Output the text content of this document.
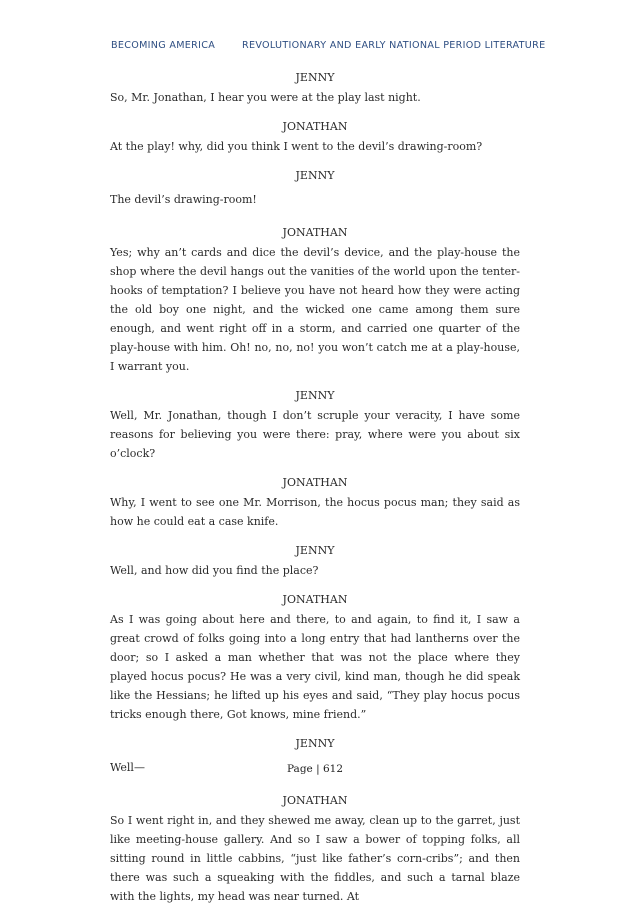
BECOMING AMERICA	REVOLUTIONARY AND EARLY NATIONAL PERIOD LITERATURE

JENNY

So, Mr. Jonathan, I hear you were at the play last night.

JONATHAN

At the play! why, did you think I went to the devil’s drawing-room?

JENNY

The devil’s drawing-room!

JONATHAN

Yes; why an’t cards and dice the devil’s device, and the play-house the shop where the devil hangs out the vanities of the world upon the tenter-hooks of temptation? I believe you have not heard how they were acting the old boy one night, and the wicked one came among them sure enough, and went right off in a storm, and carried one quarter of the play-house with him. Oh! no, no, no! you won’t catch me at a play-house, I warrant you.

JENNY

Well, Mr. Jonathan, though I don’t scruple your veracity, I have some reasons for believing you were there: pray, where were you about six o’clock?

JONATHAN

Why, I went to see one Mr. Morrison, the hocus pocus man; they said as how he could eat a case knife.

JENNY

Well, and how did you find the place?

JONATHAN

As I was going about here and there, to and again, to find it, I saw a great crowd of folks going into a long entry that had lantherns over the door; so I asked a man whether that was not the place where they played hocus pocus? He was a very civil, kind man, though he did speak like the Hessians; he lifted up his eyes and said, “They play hocus pocus tricks enough there, Got knows, mine friend.”

JENNY

Well—

JONATHAN

So I went right in, and they shewed me away, clean up to the garret, just like meeting-house gallery. And so I saw a bower of topping folks, all sitting round in little cabbins, “just like father’s corn-cribs”; and then there was such a squeaking with the fiddles, and such a tarnal blaze with the lights, my head was near turned. At

Page | 612
